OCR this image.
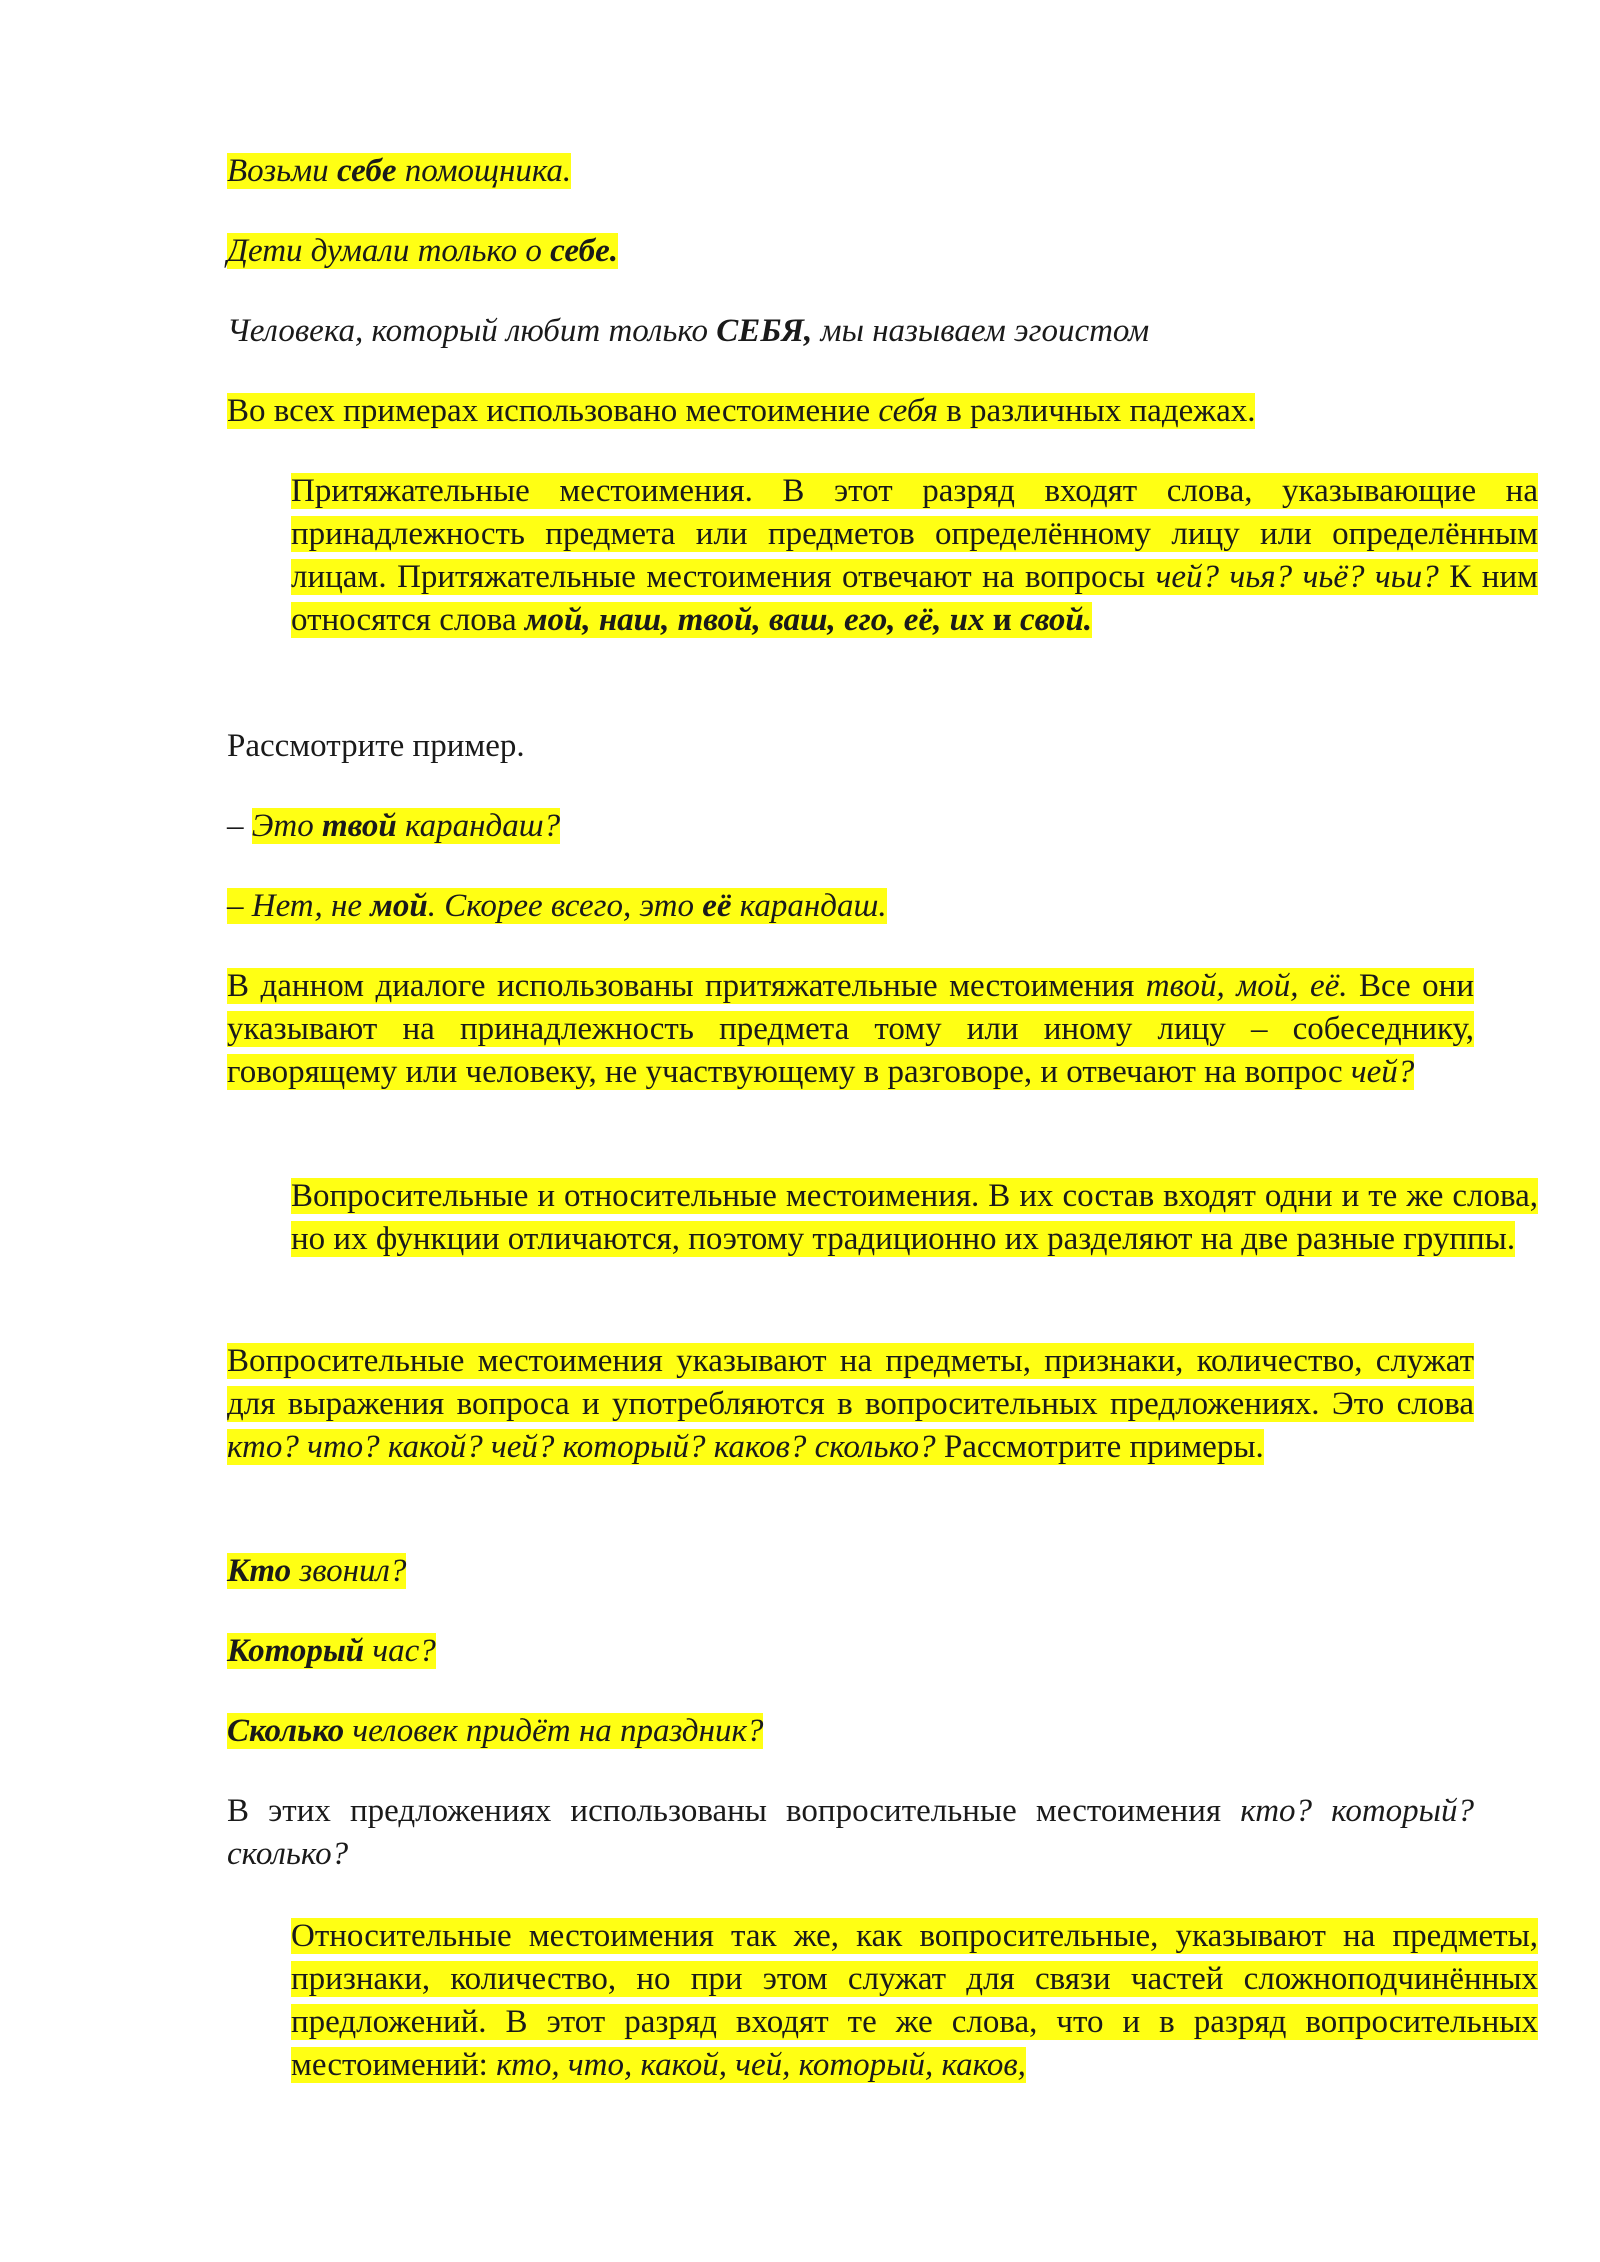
Возьми себе помощника.

Дети думали только о себе.

Человека, который любит только СЕБЯ, мы называем эгоистом

Во всех примерах использовано местоимение себя в различных падежах.

Притяжательные местоимения. В этот разряд входят слова, указывающие на принадлежность предмета или предметов определённому лицу или определённым лицам. Притяжательные местоимения отвечают на вопросы чей? чья? чьё? чьи? К ним относятся слова мой, наш, твой, ваш, его, её, их и свой.

Рассмотрите пример.

– Это твой карандаш?

– Нет, не мой. Скорее всего, это её карандаш.

В данном диалоге использованы притяжательные местоимения твой, мой, её. Все они указывают на принадлежность предмета тому или иному лицу – собеседнику, говорящему или человеку, не участвующему в разговоре, и отвечают на вопрос чей?

Вопросительные и относительные местоимения. В их состав входят одни и те же слова, но их функции отличаются, поэтому традиционно их разделяют на две разные группы.

Вопросительные местоимения указывают на предметы, признаки, количество, служат для выражения вопроса и употребляются в вопросительных предложениях. Это слова кто? что? какой? чей? который? каков? сколько? Рассмотрите примеры.

Кто звонил?

Который час?

Сколько человек придёт на праздник?

В этих предложениях использованы вопросительные местоимения кто? который? сколько?

Относительные местоимения так же, как вопросительные, указывают на предметы, признаки, количество, но при этом служат для связи частей сложноподчинённых предложений. В этот разряд входят те же слова, что и в разряд вопросительных местоимений: кто, что, какой, чей, который, каков,
